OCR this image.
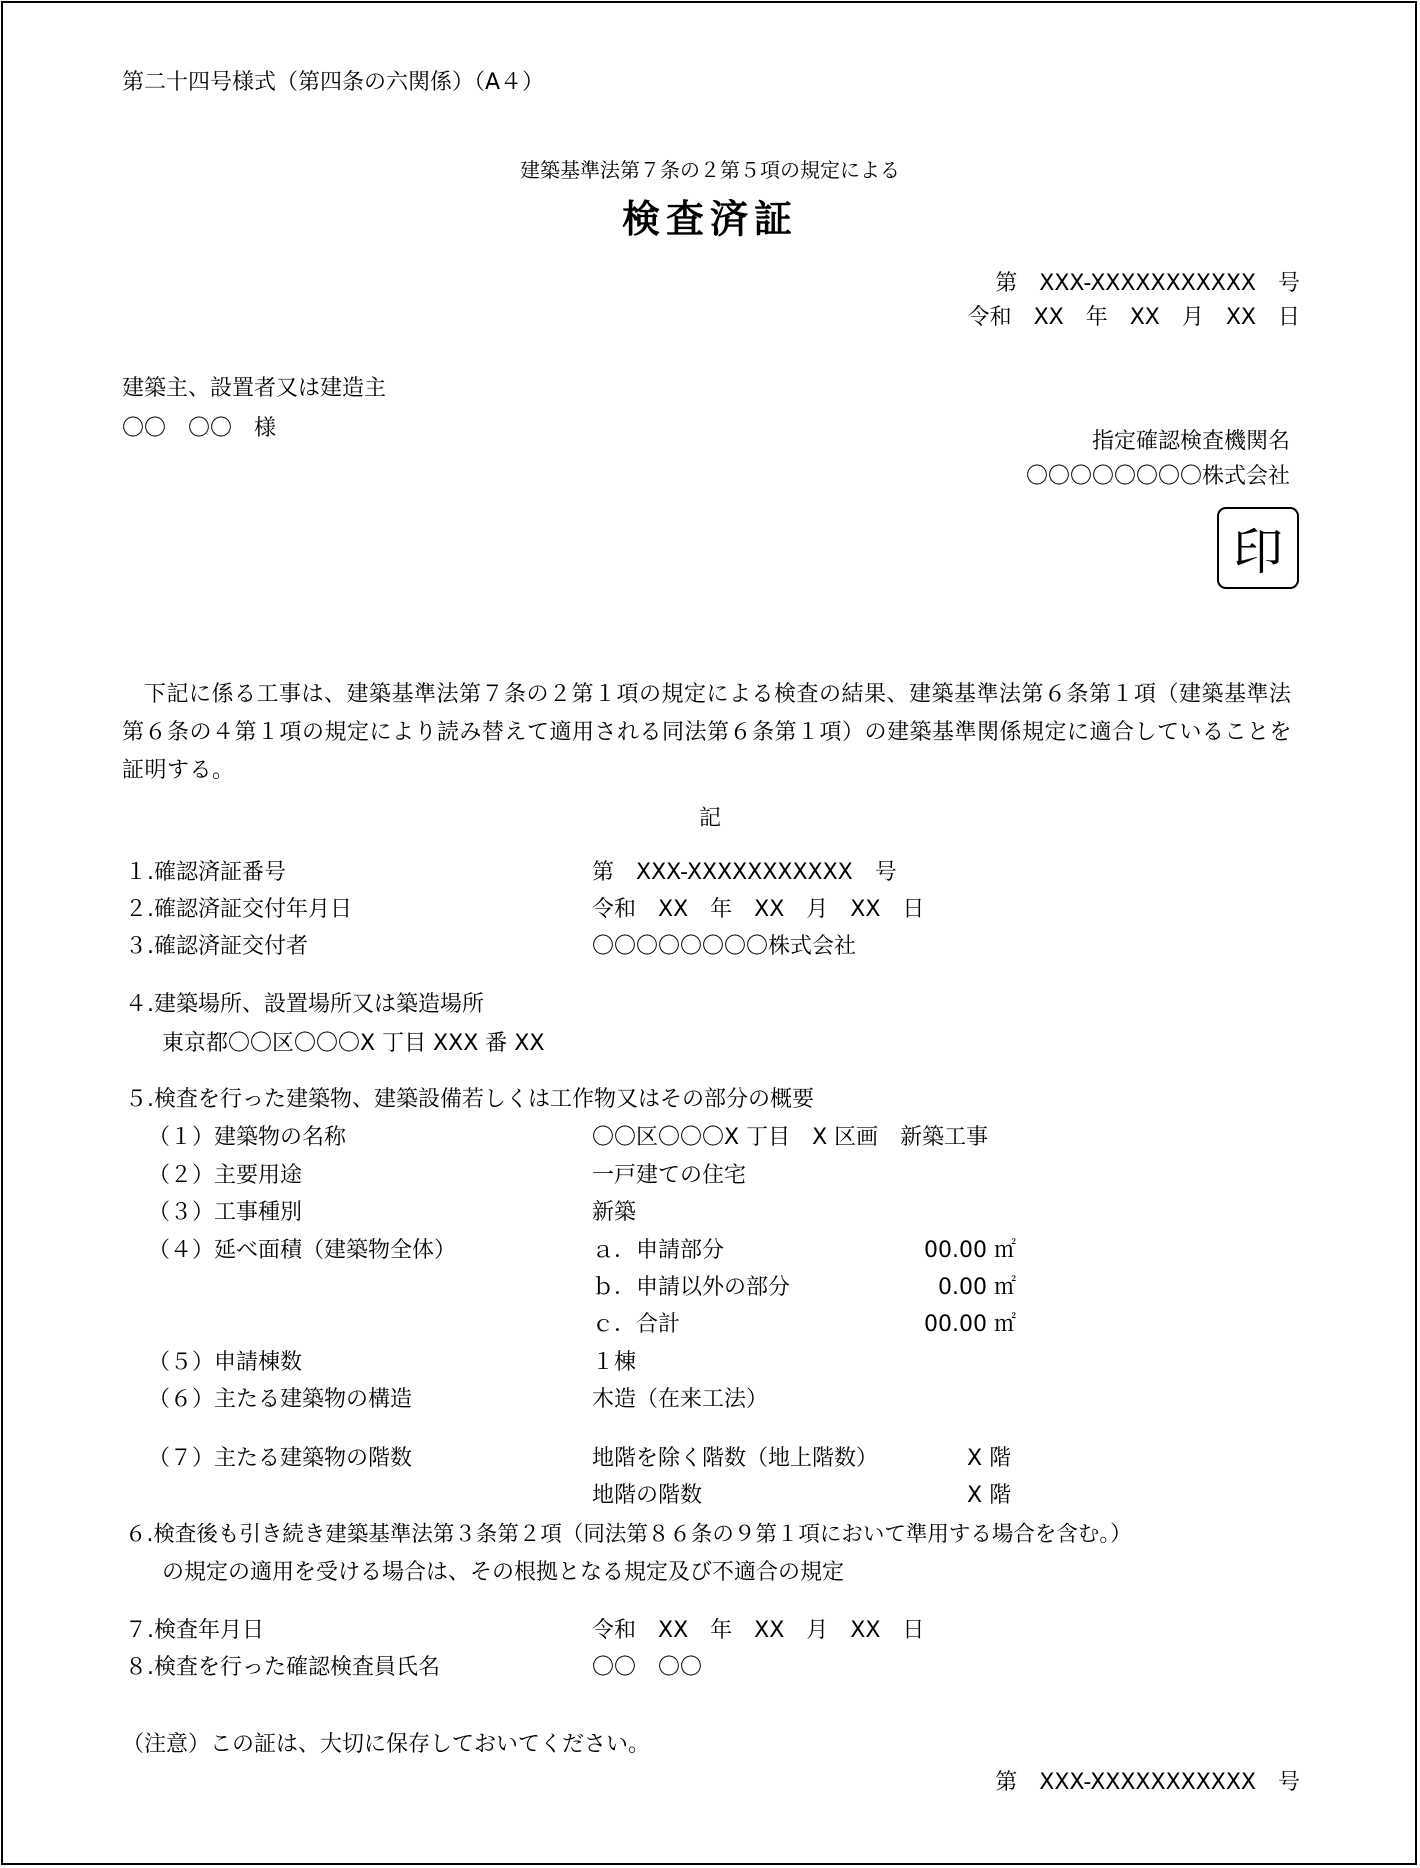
第二十四号様式（第四条の六関係）（A４）
建築基準法第７条の２第５項の規定による
検査済証
第　XXX-XXXXXXXXXXX　号
令和　XX　年　XX　月　XX　日
建築主、設置者又は建造主
〇〇　〇〇　様
指定確認検査機関名
〇〇〇〇〇〇〇〇株式会社
印
下記に係る工事は、建築基準法第７条の２第１項の規定による検査の結果、建築基準法第６条第１項（建築基準法第６条の４第１項の規定により読み替えて適用される同法第６条第１項）の建築基準関係規定に適合していることを証明する。
記
１.確認済証番号	第　XXX-XXXXXXXXXXX　号
２.確認済証交付年月日	令和　XX　年　XX　月　XX　日
３.確認済証交付者	〇〇〇〇〇〇〇〇株式会社
４.建築場所、設置場所又は築造場所
東京都〇〇区〇〇〇X 丁目 XXX 番 XX
５.検査を行った建築物、建築設備若しくは工作物又はその部分の概要
（１）建築物の名称	〇〇区〇〇〇X 丁目　X 区画　新築工事
（２）主要用途	一戸建ての住宅
（３）工事種別	新築
（４）延べ面積（建築物全体）	ａ．申請部分	00.00 ㎡
ｂ．申請以外の部分	0.00 ㎡
ｃ．合計	00.00 ㎡
（５）申請棟数	１棟
（６）主たる建築物の構造	木造（在来工法）
（７）主たる建築物の階数	地階を除く階数（地上階数）	X 階
地階の階数	X 階
６.検査後も引き続き建築基準法第３条第２項（同法第８６条の９第１項において準用する場合を含む。）
の規定の適用を受ける場合は、その根拠となる規定及び不適合の規定
７.検査年月日	令和　XX　年　XX　月　XX　日
８.検査を行った確認検査員氏名	〇〇　〇〇
（注意）この証は、大切に保存しておいてください。
第　XXX-XXXXXXXXXXX　号
